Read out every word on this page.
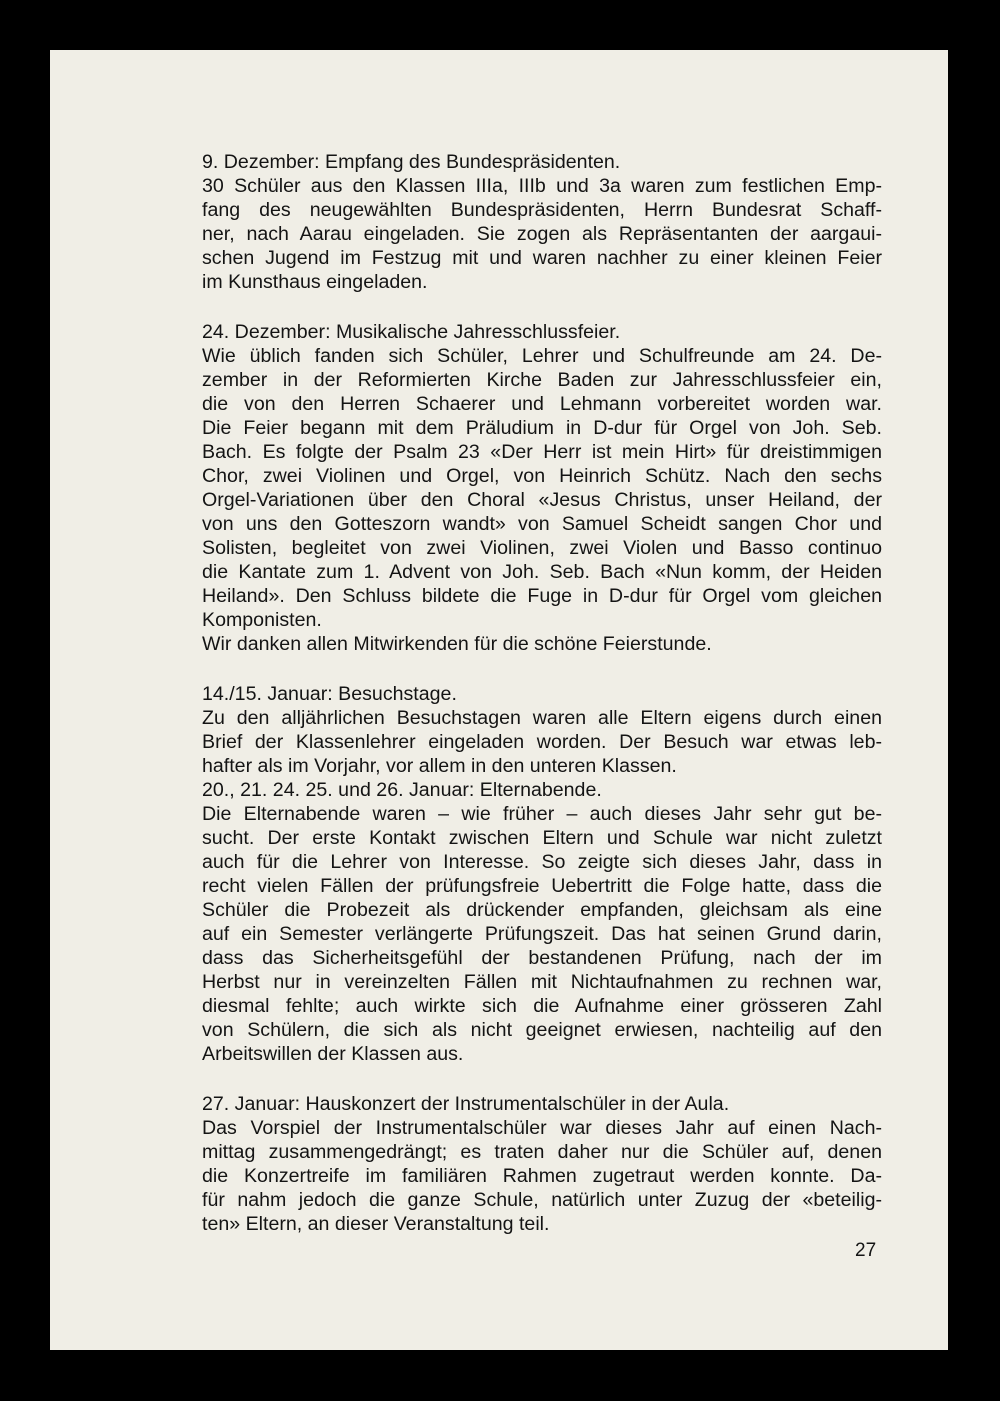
9. Dezember: Empfang des Bundespräsidenten.
30 Schüler aus den Klassen IIIa, IIIb und 3a waren zum festlichen Emp-
fang des neugewählten Bundespräsidenten, Herrn Bundesrat Schaff-
ner, nach Aarau eingeladen. Sie zogen als Repräsentanten der aargaui-
schen Jugend im Festzug mit und waren nachher zu einer kleinen Feier
im Kunsthaus eingeladen.
24. Dezember: Musikalische Jahresschlussfeier.
Wie üblich fanden sich Schüler, Lehrer und Schulfreunde am 24. De-
zember in der Reformierten Kirche Baden zur Jahresschlussfeier ein,
die von den Herren Schaerer und Lehmann vorbereitet worden war.
Die Feier begann mit dem Präludium in D-dur für Orgel von Joh. Seb.
Bach. Es folgte der Psalm 23 «Der Herr ist mein Hirt» für dreistimmigen
Chor, zwei Violinen und Orgel, von Heinrich Schütz. Nach den sechs
Orgel-Variationen über den Choral «Jesus Christus, unser Heiland, der
von uns den Gotteszorn wandt» von Samuel Scheidt sangen Chor und
Solisten, begleitet von zwei Violinen, zwei Violen und Basso continuo
die Kantate zum 1. Advent von Joh. Seb. Bach «Nun komm, der Heiden
Heiland». Den Schluss bildete die Fuge in D-dur für Orgel vom gleichen
Komponisten.
Wir danken allen Mitwirkenden für die schöne Feierstunde.
14./15. Januar: Besuchstage.
Zu den alljährlichen Besuchstagen waren alle Eltern eigens durch einen
Brief der Klassenlehrer eingeladen worden. Der Besuch war etwas leb-
hafter als im Vorjahr, vor allem in den unteren Klassen.
20., 21. 24. 25. und 26. Januar: Elternabende.
Die Elternabende waren – wie früher – auch dieses Jahr sehr gut be-
sucht. Der erste Kontakt zwischen Eltern und Schule war nicht zuletzt
auch für die Lehrer von Interesse. So zeigte sich dieses Jahr, dass in
recht vielen Fällen der prüfungsfreie Uebertritt die Folge hatte, dass die
Schüler die Probezeit als drückender empfanden, gleichsam als eine
auf ein Semester verlängerte Prüfungszeit. Das hat seinen Grund darin,
dass das Sicherheitsgefühl der bestandenen Prüfung, nach der im
Herbst nur in vereinzelten Fällen mit Nichtaufnahmen zu rechnen war,
diesmal fehlte; auch wirkte sich die Aufnahme einer grösseren Zahl
von Schülern, die sich als nicht geeignet erwiesen, nachteilig auf den
Arbeitswillen der Klassen aus.
27. Januar: Hauskonzert der Instrumentalschüler in der Aula.
Das Vorspiel der Instrumentalschüler war dieses Jahr auf einen Nach-
mittag zusammengedrängt; es traten daher nur die Schüler auf, denen
die Konzertreife im familiären Rahmen zugetraut werden konnte. Da-
für nahm jedoch die ganze Schule, natürlich unter Zuzug der «beteilig-
ten» Eltern, an dieser Veranstaltung teil.
27
